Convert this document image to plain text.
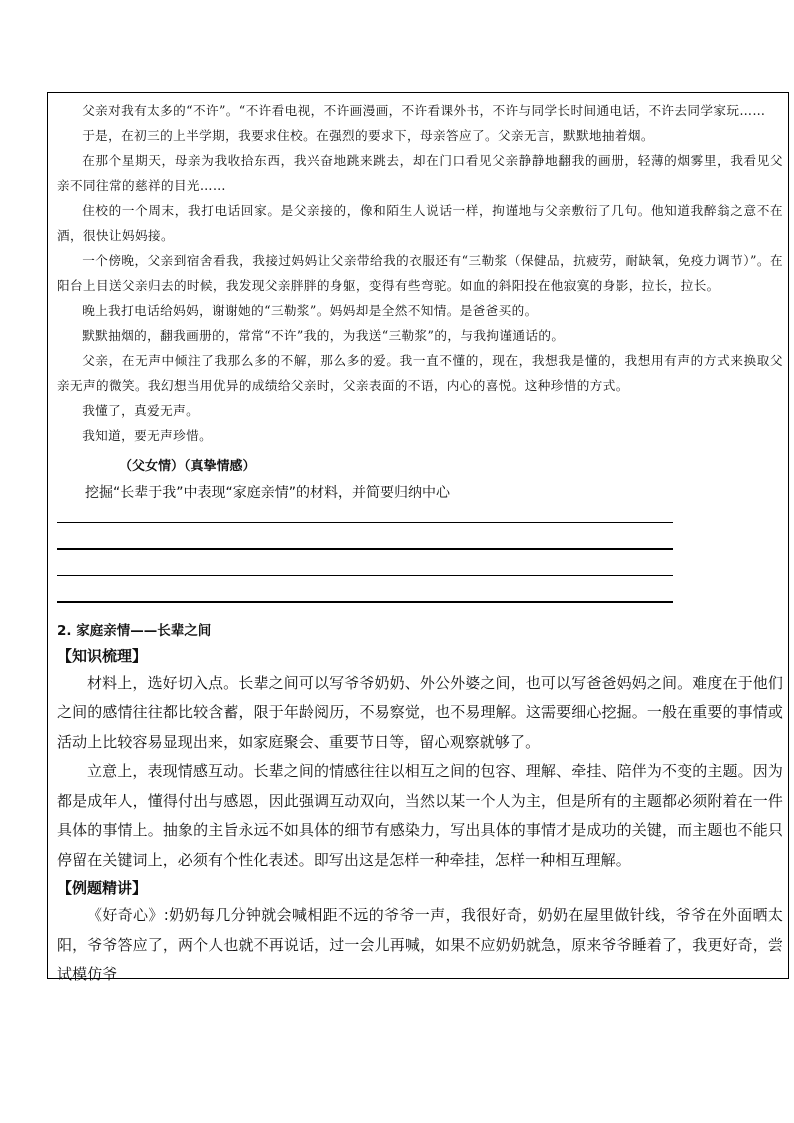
父亲对我有太多的“不许”。“不许看电视，不许画漫画，不许看课外书，不许与同学长时间通电话，不许去同学家玩……

于是，在初三的上半学期，我要求住校。在强烈的要求下，母亲答应了。父亲无言，默默地抽着烟。

在那个星期天，母亲为我收拾东西，我兴奋地跳来跳去，却在门口看见父亲静静地翻我的画册，轻薄的烟雾里，我看见父亲不同往常的慈祥的目光……

住校的一个周末，我打电话回家。是父亲接的，像和陌生人说话一样，拘谨地与父亲敷衍了几句。他知道我醉翁之意不在酒，很快让妈妈接。

一个傍晚，父亲到宿舍看我，我接过妈妈让父亲带给我的衣服还有“三勒浆（保健品，抗疲劳，耐缺氧，免疫力调节）”。在阳台上目送父亲归去的时候，我发现父亲胖胖的身躯，变得有些弯驼。如血的斜阳投在他寂寞的身影，拉长，拉长。

晚上我打电话给妈妈，谢谢她的“三勒浆”。妈妈却是全然不知情。是爸爸买的。

默默抽烟的，翻我画册的，常常“不许”我的，为我送“三勒浆”的，与我拘谨通话的。

父亲，在无声中倾注了我那么多的不解，那么多的爱。我一直不懂的，现在，我想我是懂的，我想用有声的方式来换取父亲无声的微笑。我幻想当用优异的成绩给父亲时，父亲表面的不语，内心的喜悦。这种珍惜的方式。

我懂了，真爱无声。

我知道，要无声珍惜。

（父女情）（真挚情感）

挖掘“长辈于我”中表现“家庭亲情”的材料，并简要归纳中心

2. 家庭亲情——长辈之间

【知识梳理】

材料上，选好切入点。长辈之间可以写爷爷奶奶、外公外婆之间，也可以写爸爸妈妈之间。难度在于他们之间的感情往往都比较含蓄，限于年龄阅历，不易察觉，也不易理解。这需要细心挖掘。一般在重要的事情或活动上比较容易显现出来，如家庭聚会、重要节日等，留心观察就够了。

立意上，表现情感互动。长辈之间的情感往往以相互之间的包容、理解、牵挂、陪伴为不变的主题。因为都是成年人，懂得付出与感恩，因此强调互动双向，当然以某一个人为主，但是所有的主题都必须附着在一件具体的事情上。抽象的主旨永远不如具体的细节有感染力，写出具体的事情才是成功的关键，而主题也不能只停留在关键词上，必须有个性化表述。即写出这是怎样一种牵挂，怎样一种相互理解。

【例题精讲】

《好奇心》:奶奶每几分钟就会喊相距不远的爷爷一声，我很好奇，奶奶在屋里做针线，爷爷在外面晒太阳，爷爷答应了，两个人也就不再说话，过一会儿再喊，如果不应奶奶就急，原来爷爷睡着了，我更好奇，尝试模仿爷
